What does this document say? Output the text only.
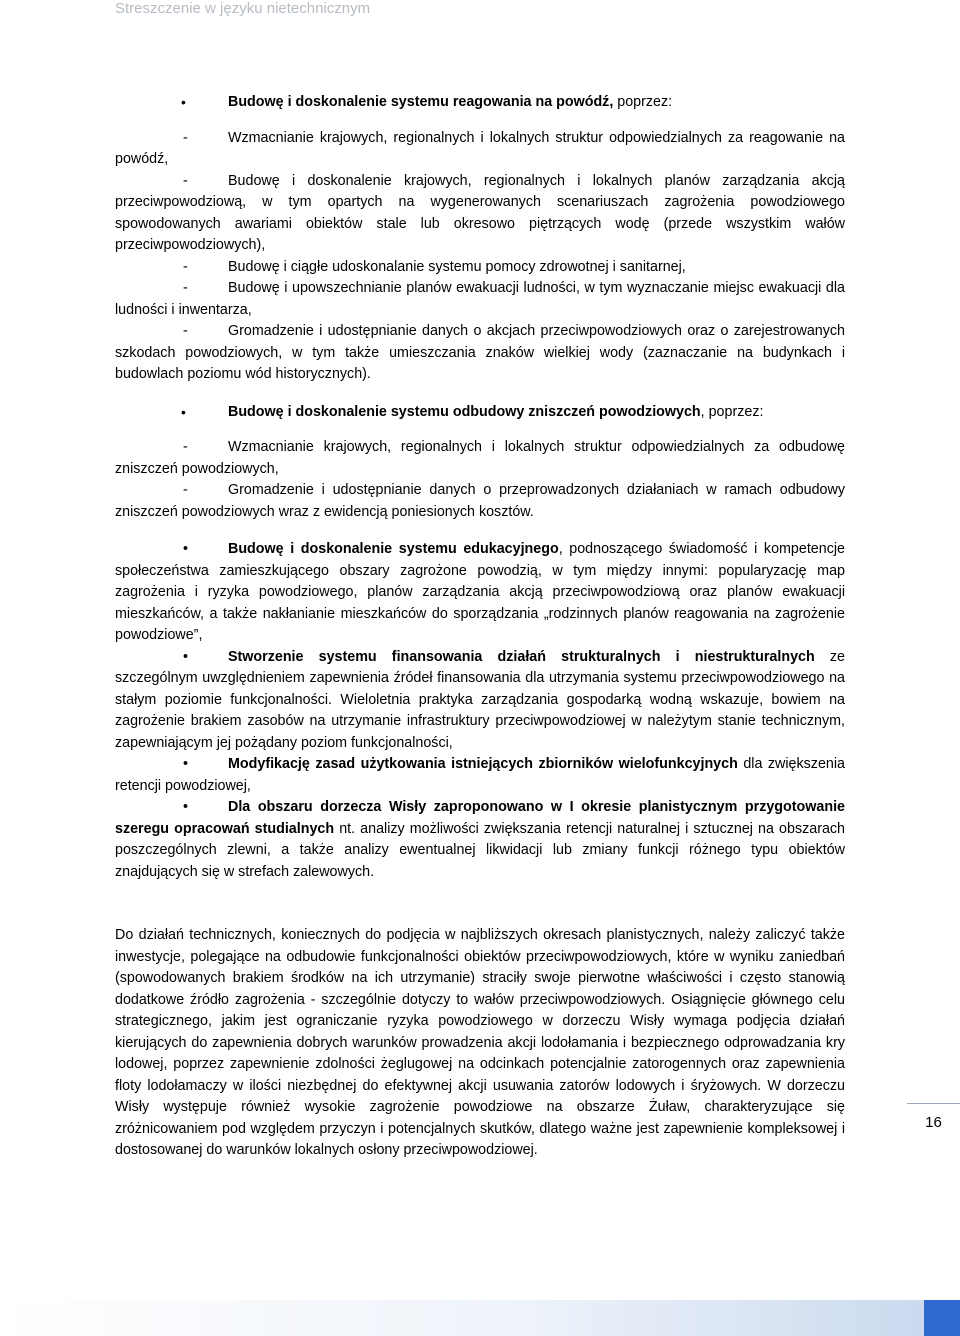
Streszczenie w języku nietechnicznym

•	Budowę i doskonalenie systemu reagowania na powódź, poprzez:

-	Wzmacnianie krajowych, regionalnych i lokalnych struktur odpowiedzialnych za reagowanie na powódź,

-	Budowę i doskonalenie krajowych, regionalnych i lokalnych planów zarządzania akcją przeciwpowodziową, w tym opartych na wygenerowanych scenariuszach zagrożenia powodziowego spowodowanych awariami obiektów stale lub okresowo piętrzących wodę (przede wszystkim wałów przeciwpowodziowych),

-	Budowę i ciągłe udoskonalanie systemu pomocy zdrowotnej i sanitarnej,

-	Budowę i upowszechnianie planów ewakuacji ludności, w tym wyznaczanie miejsc ewakuacji dla ludności i inwentarza,

-	Gromadzenie i udostępnianie danych o akcjach przeciwpowodziowych oraz o zarejestrowanych szkodach powodziowych, w tym także umieszczania znaków wielkiej wody (zaznaczanie na budynkach i budowlach poziomu wód historycznych).

•	Budowę i doskonalenie systemu odbudowy zniszczeń powodziowych, poprzez:

-	Wzmacnianie krajowych, regionalnych i lokalnych struktur odpowiedzialnych za odbudowę zniszczeń powodziowych,

-	Gromadzenie i udostępnianie danych o przeprowadzonych działaniach w ramach odbudowy zniszczeń powodziowych wraz z ewidencją poniesionych kosztów.

•	Budowę i doskonalenie systemu edukacyjnego, podnoszącego świadomość i kompetencje społeczeństwa zamieszkującego obszary zagrożone powodzią, w tym między innymi: popularyzację map zagrożenia i ryzyka powodziowego, planów zarządzania akcją przeciwpowodziową oraz planów ewakuacji mieszkańców, a także nakłanianie mieszkańców do sporządzania „rodzinnych planów reagowania na zagrożenie powodziowe”,

•	Stworzenie systemu finansowania działań strukturalnych i niestrukturalnych ze szczególnym uwzględnieniem zapewnienia źródeł finansowania dla utrzymania systemu przeciwpowodziowego na stałym poziomie funkcjonalności. Wieloletnia praktyka zarządzania gospodarką wodną wskazuje, bowiem na zagrożenie brakiem zasobów na utrzymanie infrastruktury przeciwpowodziowej w należytym stanie technicznym, zapewniającym jej pożądany poziom funkcjonalności,

•	Modyfikację zasad użytkowania istniejących zbiorników wielofunkcyjnych dla zwiększenia retencji powodziowej,

•	Dla obszaru dorzecza Wisły zaproponowano w I okresie planistycznym przygotowanie szeregu opracowań studialnych nt. analizy możliwości zwiększania retencji naturalnej i sztucznej na obszarach poszczególnych zlewni, a także analizy ewentualnej likwidacji lub zmiany funkcji różnego typu obiektów znajdujących się w strefach zalewowych.

Do działań technicznych, koniecznych do podjęcia w najbliższych okresach planistycznych, należy zaliczyć także inwestycje, polegające na odbudowie funkcjonalności obiektów przeciwpowodziowych, które w wyniku zaniedbań (spowodowanych brakiem środków na ich utrzymanie) straciły swoje pierwotne właściwości i często stanowią dodatkowe źródło zagrożenia - szczególnie dotyczy to wałów przeciwpowodziowych. Osiągnięcie głównego celu strategicznego, jakim jest ograniczanie ryzyka powodziowego w dorzeczu Wisły wymaga podjęcia działań kierujących do zapewnienia dobrych warunków prowadzenia akcji lodołamania i bezpiecznego odprowadzania kry lodowej, poprzez zapewnienie zdolności żeglugowej na odcinkach potencjalnie zatorogennych oraz zapewnienia floty lodołamaczy w ilości niezbędnej do efektywnej akcji usuwania zatorów lodowych i śryżowych. W dorzeczu Wisły występuje również wysokie zagrożenie powodziowe na obszarze Żuław, charakteryzujące się zróżnicowaniem pod względem przyczyn i potencjalnych skutków, dlatego ważne jest zapewnienie kompleksowej i dostosowanej do warunków lokalnych osłony przeciwpowodziowej.

16
